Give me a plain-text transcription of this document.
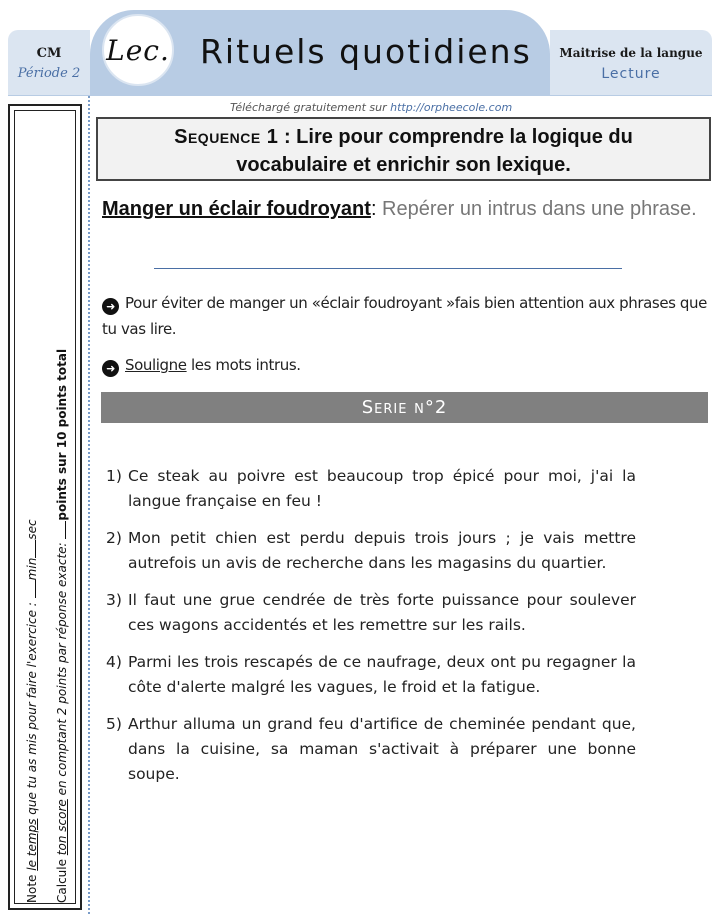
CM
Période 2
Lec. Rituels quotidiens	Maitrise de la langue
Lecture
Téléchargé gratuitement sur http://orpheecole.com
Note le temps que tu as mis pour faire l'exercice : minsec
Calcule ton score en comptant 2 points par réponse exacte: points sur 10 points total
Sequence 1 : Lire pour comprendre la logique du
vocabulaire et enrichir son lexique.
Manger un éclair foudroyant: Repérer un intrus dans une phrase.
➜ Pour éviter de manger un «éclair foudroyant »fais bien attention aux phrases que tu vas lire.
➜ Souligne les mots intrus.
Serie n°2
1) Ce steak au poivre est beaucoup trop épicé pour moi, j'ai la langue française en feu !
2) Mon petit chien est perdu depuis trois jours ; je vais mettre autrefois un avis de recherche dans les magasins du quartier.
3) Il faut une grue cendrée de très forte puissance pour soulever ces wagons accidentés et les remettre sur les rails.
4) Parmi les trois rescapés de ce naufrage, deux ont pu regagner la côte d'alerte malgré les vagues, le froid et la fatigue.
5) Arthur alluma un grand feu d'artifice de cheminée pendant que, dans la cuisine, sa maman s'activait à préparer une bonne soupe.
